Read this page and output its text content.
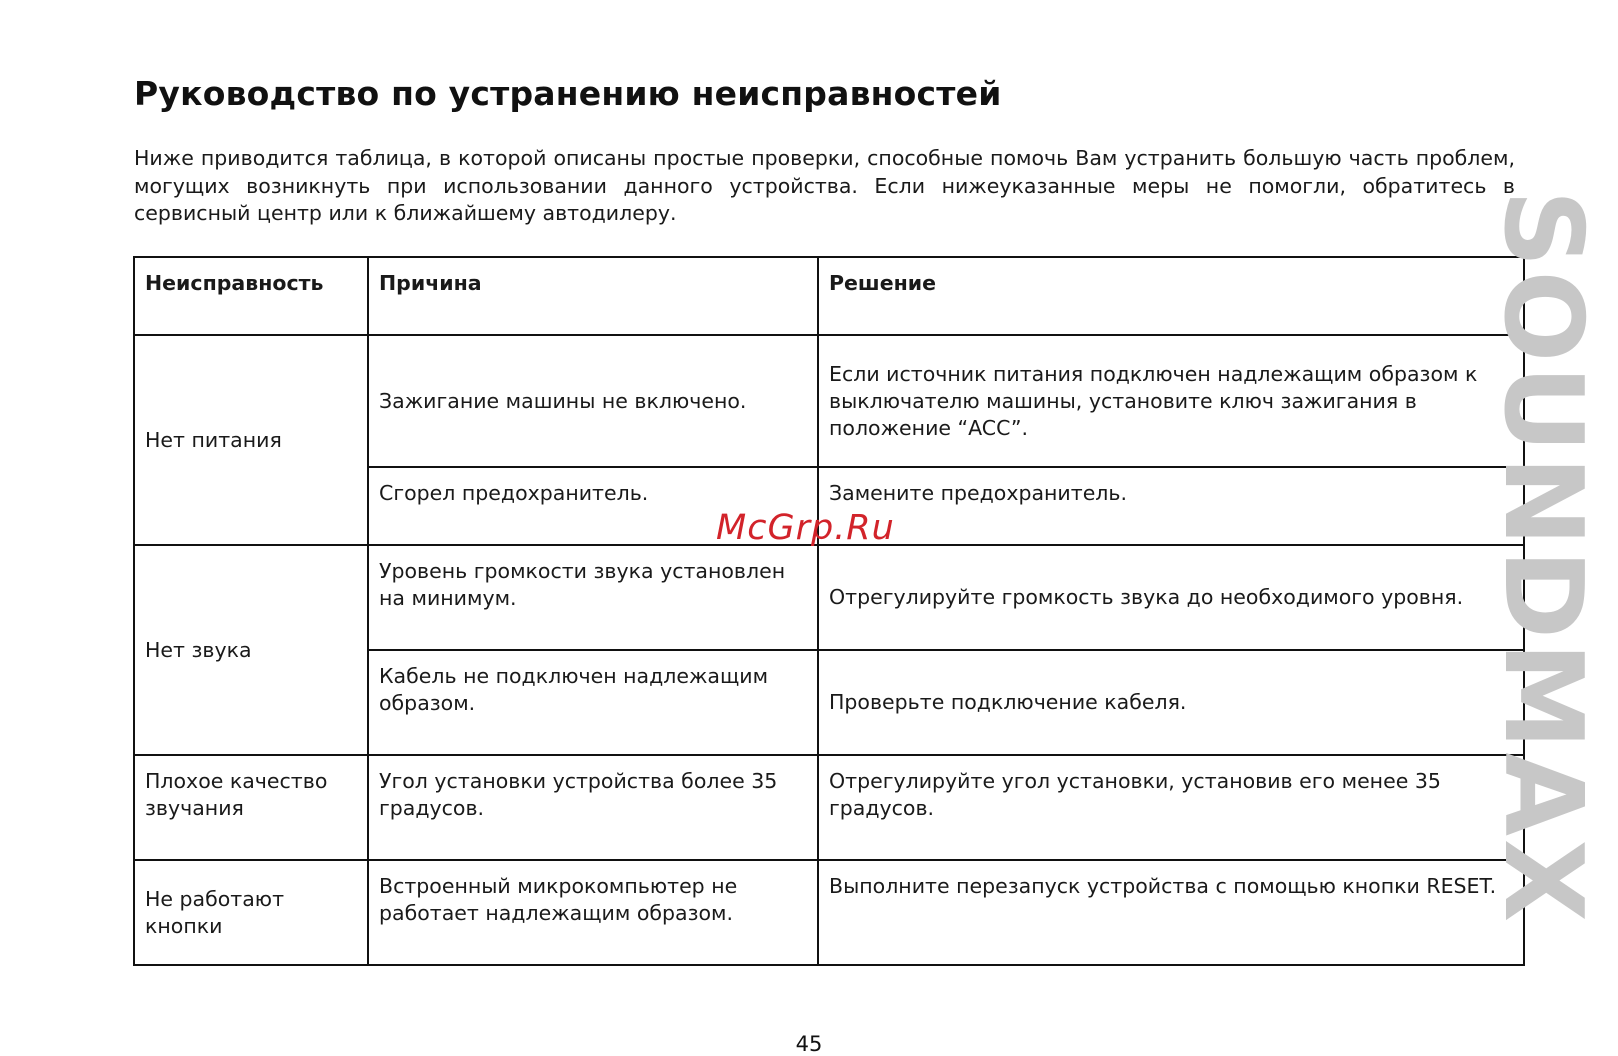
Руководство по устранению неисправностей

Ниже приводится таблица, в которой описаны простые проверки, способные помочь Вам устранить большую часть проблем, могущих возникнуть при использовании данного устройства. Если нижеуказанные меры не помогли, обратитесь в сервисный центр или к ближайшему автодилеру.

Неисправность	Причина	Решение
Нет питания	Зажигание машины не включено.	Если источник питания подключен надлежащим образом к выключателю машины, установите ключ зажигания в положение “ACC”.
	Сгорел предохранитель.	Замените предохранитель.
Нет звука	Уровень громкости звука установлен на минимум.	Отрегулируйте громкость звука до необходимого уровня.
	Кабель не подключен надлежащим образом.	Проверьте подключение кабеля.
Плохое качество звучания	Угол установки устройства более 35 градусов.	Отрегулируйте угол установки, установив его менее 35 градусов.
Не работают кнопки	Встроенный микрокомпьютер не работает надлежащим образом.	Выполните перезапуск устройства с помощью кнопки RESET.
McGrp.Ru	SOUNDMAX
45
